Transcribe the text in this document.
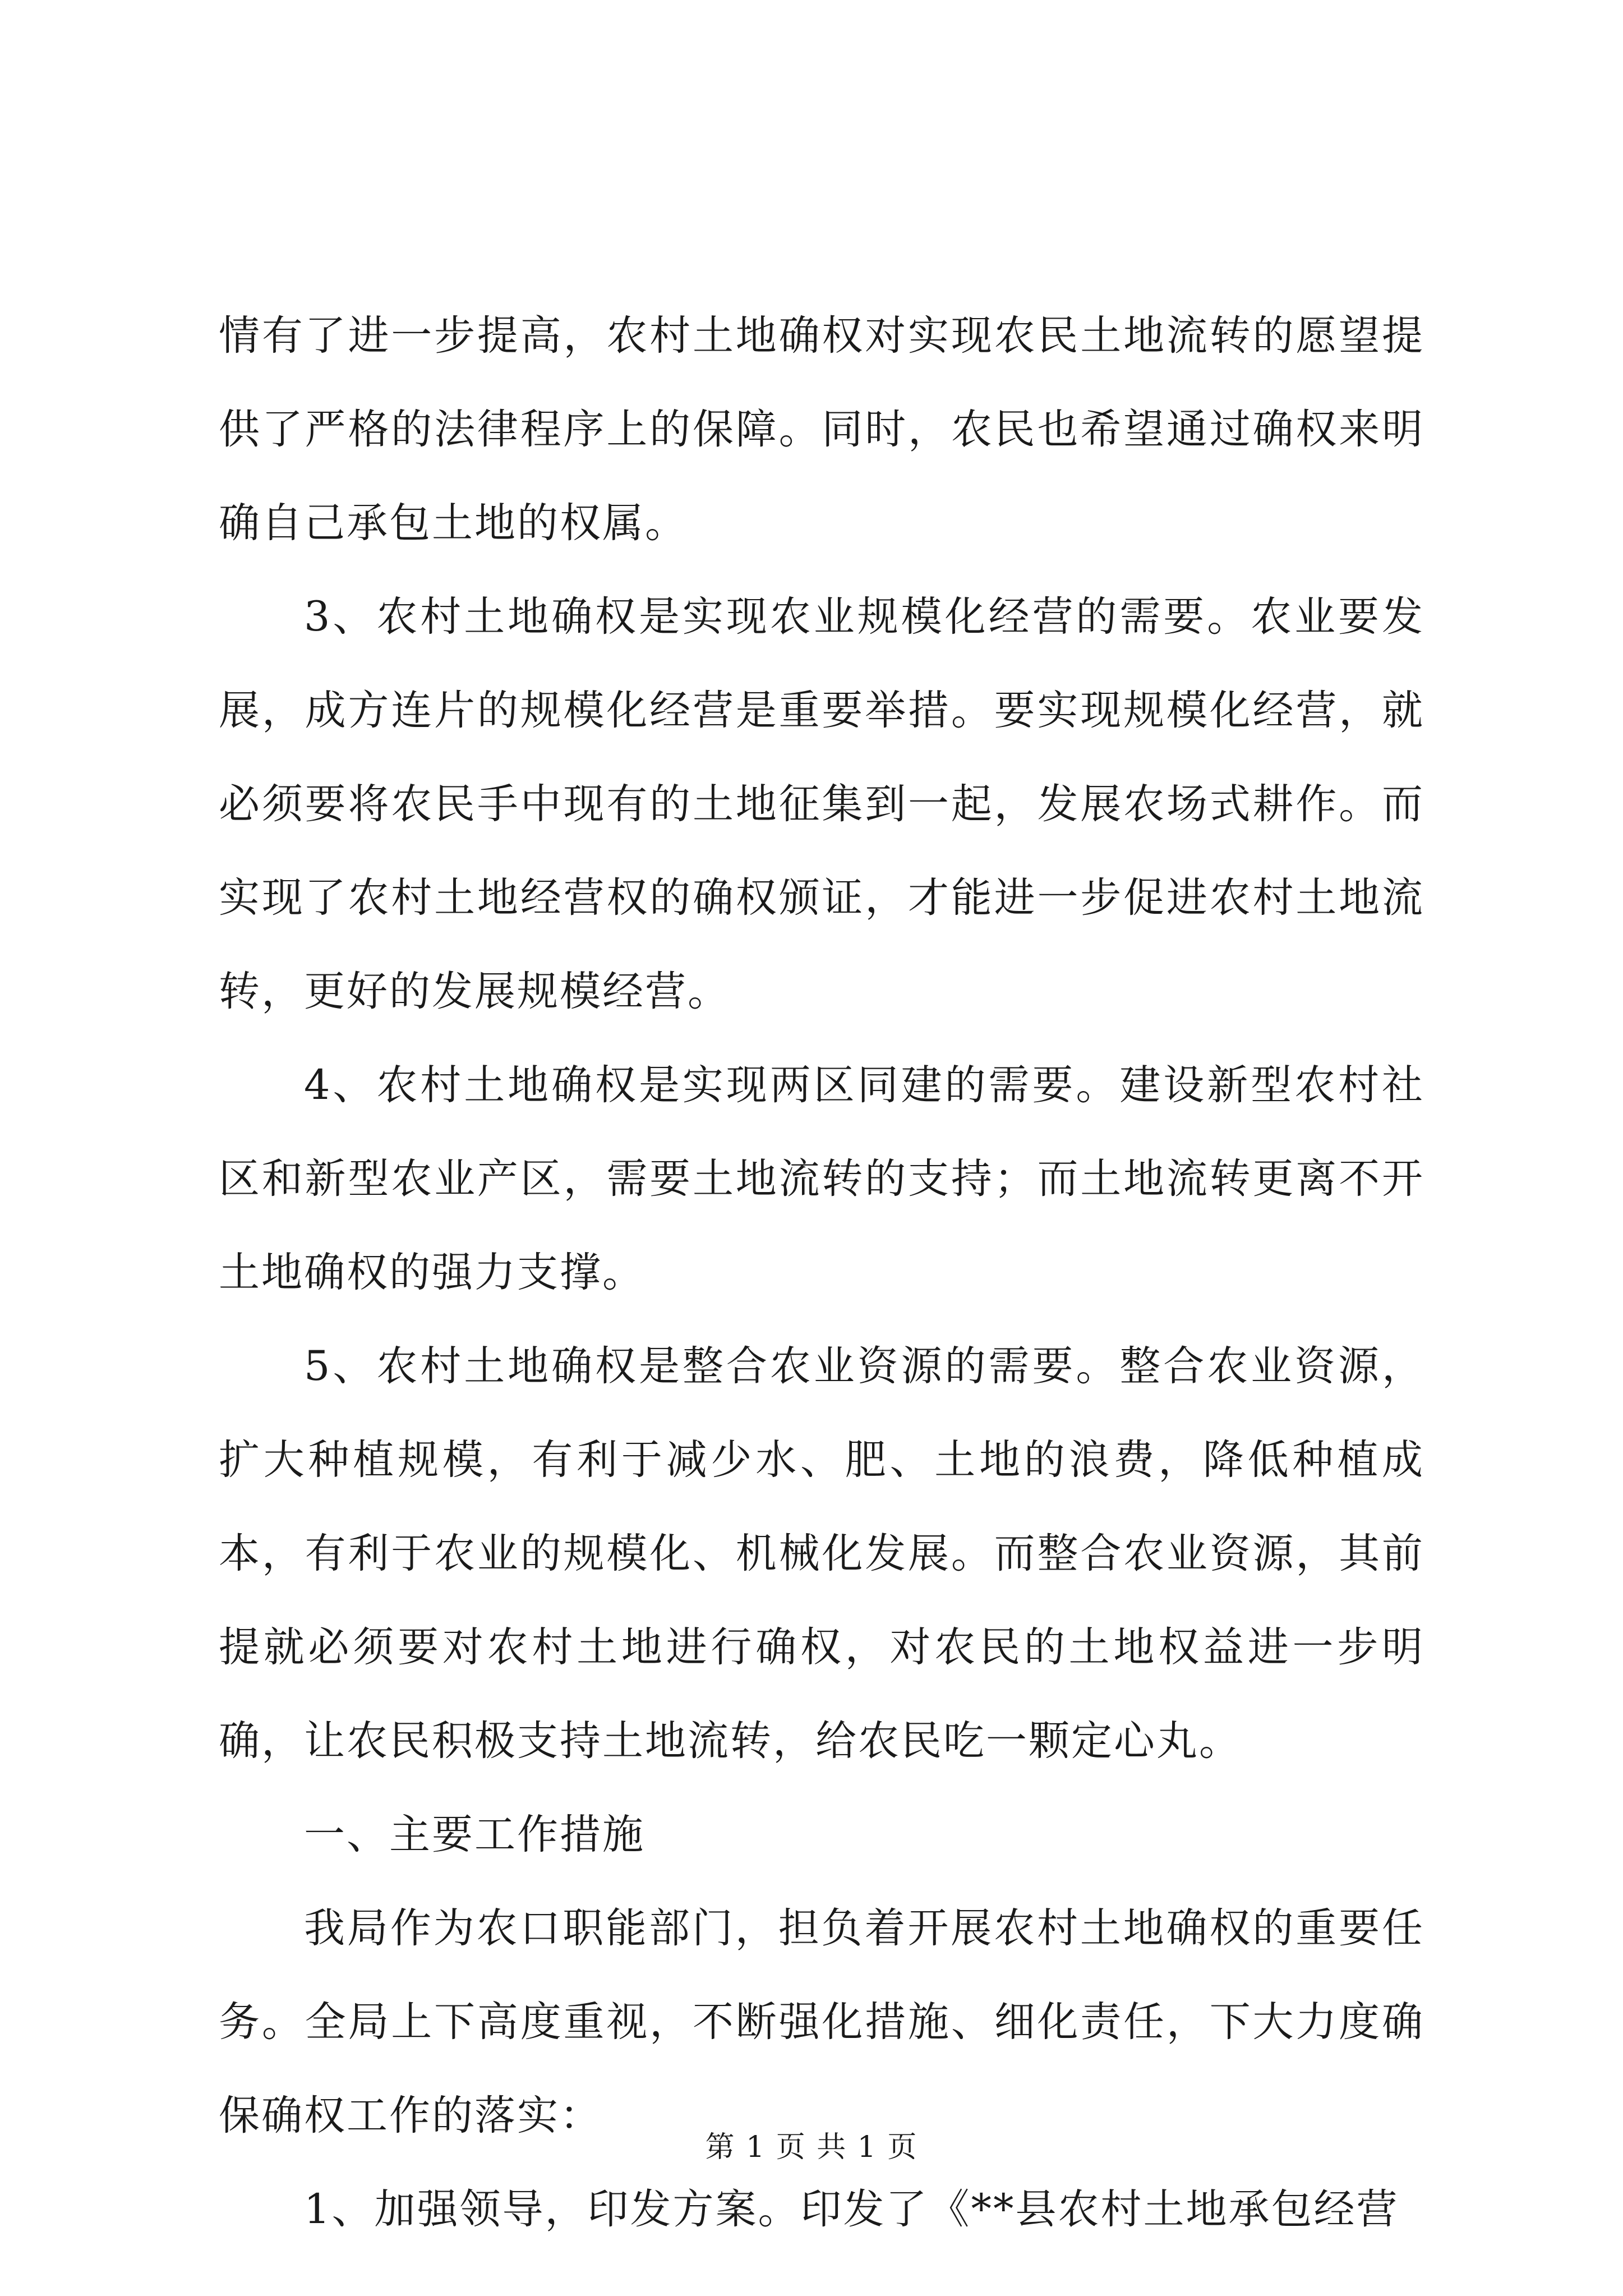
情有了进一步提高，农村土地确权对实现农民土地流转的愿望提供了严格的法律程序上的保障。同时，农民也希望通过确权来明确自己承包土地的权属。

3、农村土地确权是实现农业规模化经营的需要。农业要发展，成方连片的规模化经营是重要举措。要实现规模化经营，就必须要将农民手中现有的土地征集到一起，发展农场式耕作。而实现了农村土地经营权的确权颁证，才能进一步促进农村土地流转，更好的发展规模经营。

4、农村土地确权是实现两区同建的需要。建设新型农村社区和新型农业产区，需要土地流转的支持；而土地流转更离不开土地确权的强力支撑。

5、农村土地确权是整合农业资源的需要。整合农业资源，扩大种植规模，有利于减少水、肥、土地的浪费，降低种植成本，有利于农业的规模化、机械化发展。而整合农业资源，其前提就必须要对农村土地进行确权，对农民的土地权益进一步明确，让农民积极支持土地流转，给农民吃一颗定心丸。

一、主要工作措施

我局作为农口职能部门，担负着开展农村土地确权的重要任务。全局上下高度重视，不断强化措施、细化责任，下大力度确保确权工作的落实：

1、加强领导，印发方案。印发了《**县农村土地承包经营

第 1 页 共 1 页
